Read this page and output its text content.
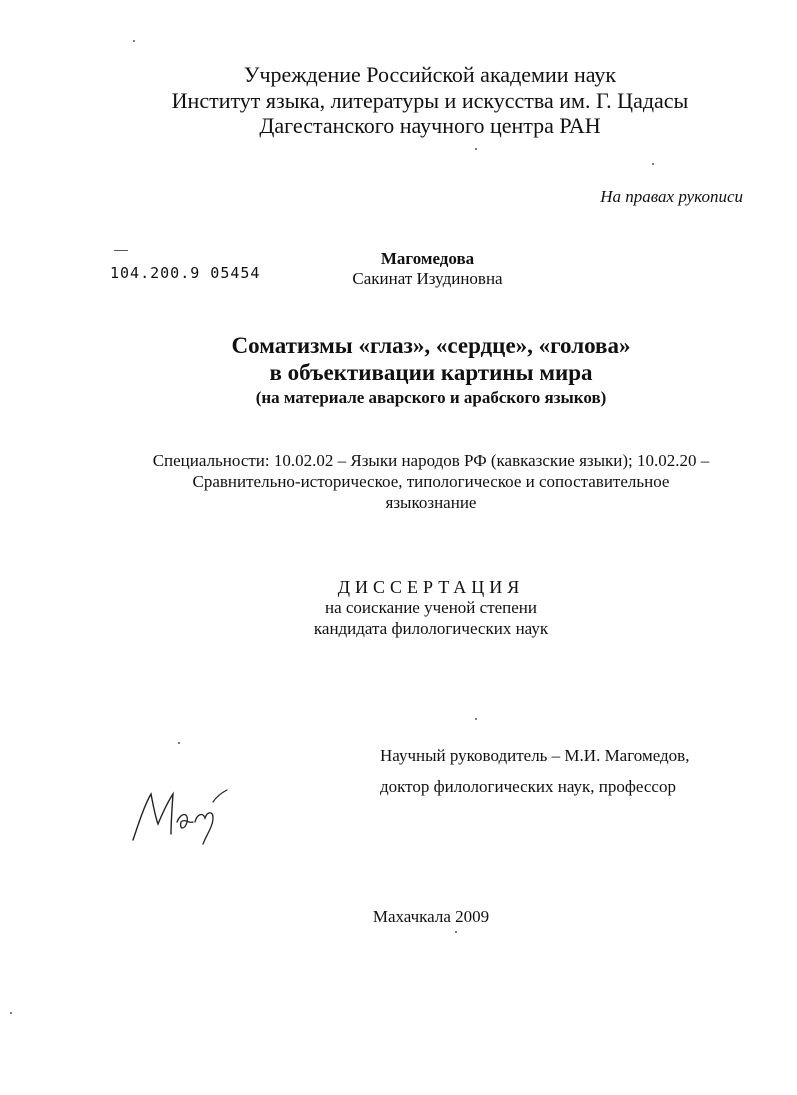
Учреждение Российской академии наук
Институт языка, литературы и искусства им. Г. Цадасы
Дагестанского научного центра РАН
На правах рукописи
104.200.9 05454
Магомедова
Сакинат Изудиновна
Соматизмы «глаз», «сердце», «голова»
в объективации картины мира
(на материале аварского и арабского языков)
Специальности: 10.02.02 – Языки народов РФ (кавказские языки); 10.02.20 –
Сравнительно-историческое, типологическое и сопоставительное
языкознание
ДИССЕРТАЦИЯ
на соискание ученой степени
кандидата филологических наук
Научный руководитель – М.И. Магомедов,
доктор филологических наук, профессор
Махачкала 2009
